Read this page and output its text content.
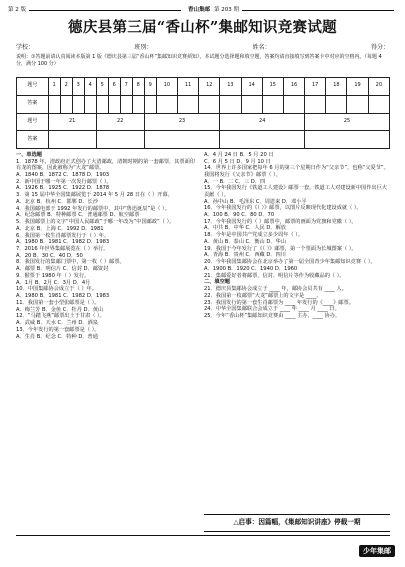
第 2 版	香山集邮 第 203 期
德庆县第三届“香山杯”集邮知识竞赛试题
学校：	班别：	姓名：	得分：
说明：①答题前请认真阅读本版第 1 版《德庆县第三届“香山杯”集邮知识竞赛须知》，本试题分选择题和填空题，答案均请直接填写到答案卡中对应的空格内。（每题 4 分，满分 100 分）
题号	1	2	3	4	5	6	7	8	9	10	11	12	13	14	15	16	17	18	19	20
答案																				
题号	21				22				23				24				25			
答案																				

一、单选题

1．1878 年，清政府正式创办了大清邮政，清朝时期的第一套邮票，其票面印有龙的图案，因此被称为“大龙”邮票。

A．1840 B．1872 C．1878 D．1903

2．新中国于哪一年第一次发行邮票（ ）。

A．1926 B．1925 C．1922 D．1878

3．第 15 届中华全国集邮展览于 2014 年 5 月 28 日在（ ）开幕。

A．北京 B．杭州 C．邯郸 D．长沙

4．我国邮电部于 1992 年发行的邮票中，其中“鲁迅诞辰”是（ ）。

A．纪念邮票 B．特种邮票 C．普通邮票 D．航空邮票

5．我国邮票上的文字“中国人民邮政”于哪一年改为“中国邮政”（ ）。

A．北京 B．上海 C．1992 D．1981

6．我国第一枚生肖邮票发行于（ ）年。

A．1980 B．1981 C．1982 D．1983

7．2016 年世界集邮展览在（ ）举行。

A．20 B．30 C．40 D．50

8．我国发行的集邮门票中，第一枚（ ）邮票。

A．邮票 B．明信片 C．信封 D．邮资封

9．猴票于 1980 年（ ）发行。

A．1月 B．2月 C．3月 D．4月

10．中国集邮协会成立于（ ）年。

A．1980 B．1981 C．1982 D．1983

11．我国第一套小型张邮票是（ ）。

A．梅兰芳 B．金鱼 C．牡丹 D．黄山

12．“马踏飞燕”邮票出土于甘肃（ ）。

A．武威 B．天水 C．兰州 D．酒泉

13．今年发行的第一套邮票是（ ）。

A．生肖 B．纪念 C．特种 D．普通

A．4 月 24 日 B．5 月 20 日

C．6 月 5 日 D．9 月 10 日

14．世界上许多国家把每年 6 月的第三个星期日作为“父亲节”，也称“父爱节”。我国将发行《父亲节》邮票（ ）。

A．一 B．二 C．三 D．四

15．今年我国发行《铁道工人建设》邮票一套，铁道工人对建设新中国作出巨大贡献（ ）。

A．孙中山 B．毛泽东 C．周恩来 D．邓小平

16．今年我国发行的《（ ）》邮票，以图片反映现代化建设成就（ ）。

A．100 B．90 C．80 D．70

17．今年我国发行的（ ）邮票中，邮票的画面为党旗和党徽（ ）。

A．中共 B．中华 C．人民 D．解放

18．今年是中国共产党成立多少周年（ ）。

A．黄山 B．泰山 C．衡山 D．华山

19．我国于今年发行了《（ ）》邮票，第一个票面为长城图案（ ）。

A．青海 B．贵州 C．西藏 D．四川

20．今年我国集邮协会在北京举办了第一届全国青少年集邮知识竞赛（ ）。

A．1900 B．1920 C．1940 D．1960

21．集邮爱好者将邮票、信封、明信片等作为收藏品的（ ）。

二、填空题

21．德庆县集邮协会成立于 ____ 年，邮协会员共有 ____ 人。

22．我国第一枚邮票“大龙”邮票上的文字是 ____。

23．我国发行的第一套生肖邮票为 ____ 年发行的《____》邮票。

24．中华全国集邮联合会成立于 ____ 年 ____ 月 ____ 日。

25．今年“香山杯”集邮知识竞赛由 ____ 主办，____ 协办。

△启事：因篇幅，《集邮知识讲座》停载一期
少年集邮
